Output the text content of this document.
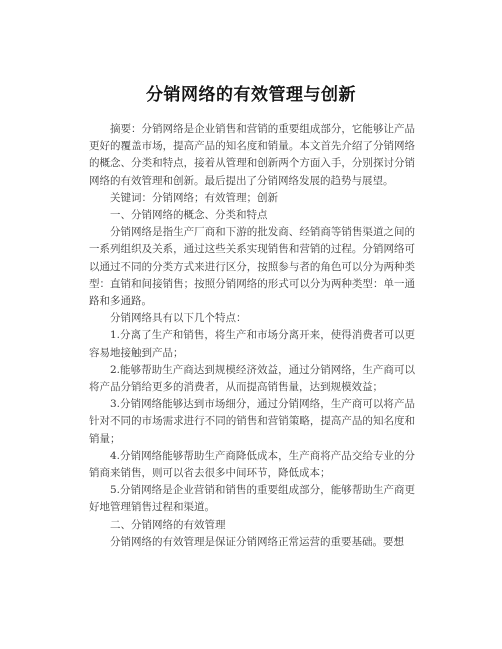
分销网络的有效管理与创新

摘要：分销网络是企业销售和营销的重要组成部分，它能够让产品更好的覆盖市场，提高产品的知名度和销量。本文首先介绍了分销网络的概念、分类和特点，接着从管理和创新两个方面入手，分别探讨分销网络的有效管理和创新。最后提出了分销网络发展的趋势与展望。

关键词：分销网络；有效管理；创新

一、分销网络的概念、分类和特点

分销网络是指生产厂商和下游的批发商、经销商等销售渠道之间的一系列组织及关系，通过这些关系实现销售和营销的过程。分销网络可以通过不同的分类方式来进行区分，按照参与者的角色可以分为两种类型：直销和间接销售；按照分销网络的形式可以分为两种类型：单一通路和多通路。

分销网络具有以下几个特点：

1.分离了生产和销售，将生产和市场分离开来，使得消费者可以更容易地接触到产品；

2.能够帮助生产商达到规模经济效益，通过分销网络，生产商可以将产品分销给更多的消费者，从而提高销售量，达到规模效益；

3.分销网络能够达到市场细分，通过分销网络，生产商可以将产品针对不同的市场需求进行不同的销售和营销策略，提高产品的知名度和销量；

4.分销网络能够帮助生产商降低成本，生产商将产品交给专业的分销商来销售，则可以省去很多中间环节，降低成本；

5.分销网络是企业营销和销售的重要组成部分，能够帮助生产商更好地管理销售过程和渠道。

二、分销网络的有效管理

分销网络的有效管理是保证分销网络正常运营的重要基础。要想
